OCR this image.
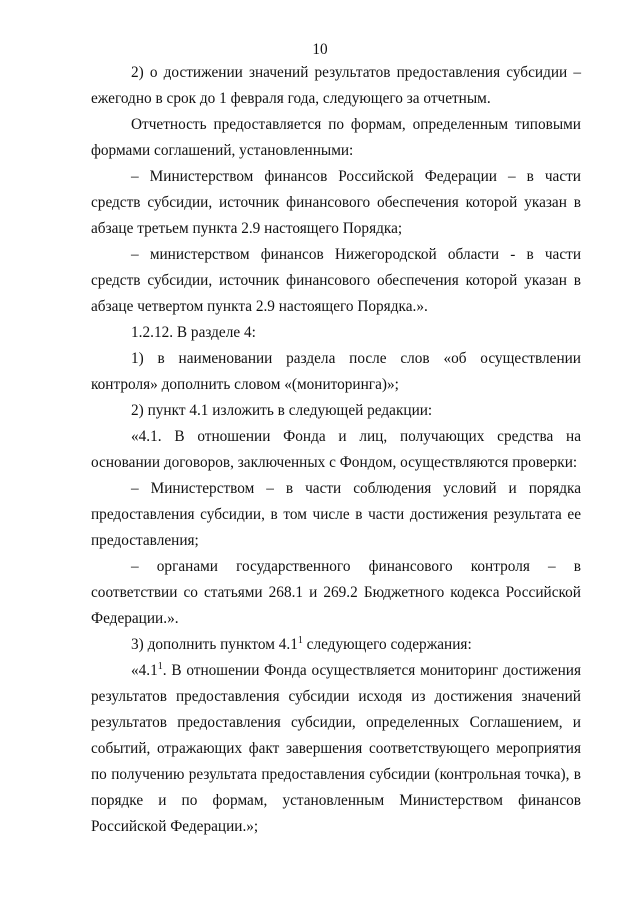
10

2) о достижении значений результатов предоставления субсидии – ежегодно в срок до 1 февраля года, следующего за отчетным.

Отчетность предоставляется по формам, определенным типовыми формами соглашений, установленными:

– Министерством финансов Российской Федерации – в части средств субсидии, источник финансового обеспечения которой указан в абзаце третьем пункта 2.9 настоящего Порядка;

– министерством финансов Нижегородской области - в части средств субсидии, источник финансового обеспечения которой указан в абзаце четвертом пункта 2.9 настоящего Порядка.».

1.2.12. В разделе 4:

1) в наименовании раздела после слов «об осуществлении контроля» дополнить словом «(мониторинга)»;

2) пункт 4.1 изложить в следующей редакции:

«4.1. В отношении Фонда и лиц, получающих средства на основании договоров, заключенных с Фондом, осуществляются проверки:

– Министерством – в части соблюдения условий и порядка предоставления субсидии, в том числе в части достижения результата ее предоставления;

– органами государственного финансового контроля – в соответствии со статьями 268.1 и 269.2 Бюджетного кодекса Российской Федерации.».

3) дополнить пунктом $4.1^1$ следующего содержания:

«$4.1^1$. В отношении Фонда осуществляется мониторинг достижения результатов предоставления субсидии исходя из достижения значений результатов предоставления субсидии, определенных Соглашением, и событий, отражающих факт завершения соответствующего мероприятия по получению результата предоставления субсидии (контрольная точка), в порядке и по формам, установленным Министерством финансов Российской Федерации.»;
